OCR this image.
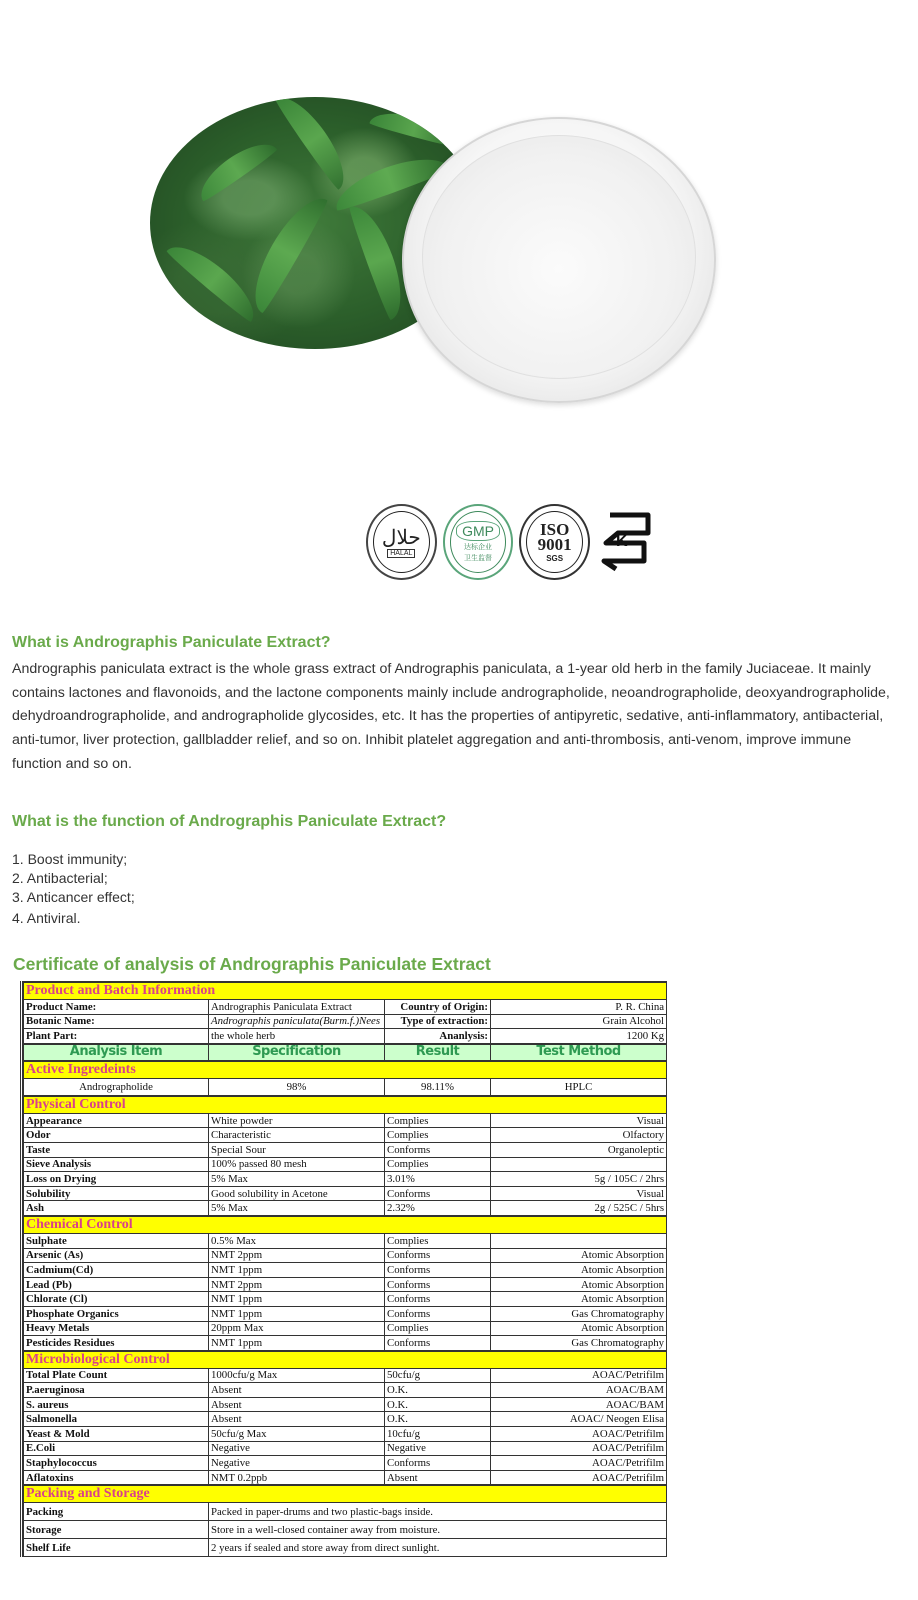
حلال
HALAL
GMP
达标企业
卫生监督
ISO
9001
SGS
K
What is Andrographis Paniculate Extract?
Andrographis paniculata extract is the whole grass extract of Andrographis paniculata, a 1-year old herb in the family Juciaceae. It mainly contains lactones and flavonoids, and the lactone components mainly include andrographolide, neoandrographolide, deoxyandrographolide, dehydroandrographolide, and andrographolide glycosides, etc. It has the properties of antipyretic, sedative, anti-inflammatory, antibacterial, anti-tumor, liver protection, gallbladder relief, and so on. Inhibit platelet aggregation and anti-thrombosis, anti-venom, improve immune function and so on.
What is the function of Andrographis Paniculate Extract?
1. Boost immunity;
2. Antibacterial;
3. Anticancer effect;
4. Antiviral.
Certificate of analysis of Andrographis Paniculate Extract
Product and Batch Information			
Product Name:	Andrographis Paniculata Extract	Country of Origin:	P. R. China
Botanic Name:	Andrographis paniculata(Burm.f.)Nees	Type of extraction:	Grain Alcohol
Plant Part:	the whole herb	Ananlysis:	1200 Kg
Analysis Item	Specification	Result	Test Method
Active Ingredeints			
Andrographolide	98%	98.11%	HPLC
Physical Control			
Appearance	White powder	Complies	Visual
Odor	Characteristic	Complies	Olfactory
Taste	Special Sour	Conforms	Organoleptic
Sieve Analysis	100% passed 80 mesh	Complies	
Loss on Drying	5% Max	3.01%	5g / 105C / 2hrs
Solubility	Good solubility in Acetone	Conforms	Visual
Ash	5% Max	2.32%	2g / 525C / 5hrs
Chemical Control			
Sulphate	0.5% Max	Complies	
Arsenic (As)	NMT 2ppm	Conforms	Atomic Absorption
Cadmium(Cd)	NMT 1ppm	Conforms	Atomic Absorption
Lead (Pb)	NMT 2ppm	Conforms	Atomic Absorption
Chlorate (Cl)	NMT 1ppm	Conforms	Atomic Absorption
Phosphate Organics	NMT 1ppm	Conforms	Gas Chromatography
Heavy Metals	20ppm Max	Complies	Atomic Absorption
Pesticides Residues	NMT 1ppm	Conforms	Gas Chromatography
Microbiological Control			
Total Plate Count	1000cfu/g Max	50cfu/g	AOAC/Petrifilm
P.aeruginosa	Absent	O.K.	AOAC/BAM
S. aureus	Absent	O.K.	AOAC/BAM
Salmonella	Absent	O.K.	AOAC/ Neogen Elisa
Yeast & Mold	50cfu/g Max	10cfu/g	AOAC/Petrifilm
E.Coli	Negative	Negative	AOAC/Petrifilm
Staphylococcus	Negative	Conforms	AOAC/Petrifilm
Aflatoxins	NMT 0.2ppb	Absent	AOAC/Petrifilm
Packing and Storage			
Packing	Packed in paper-drums and two plastic-bags inside.		
Storage	Store in a well-closed container away from moisture.		
Shelf Life	2 years if sealed and store away from direct sunlight.		
